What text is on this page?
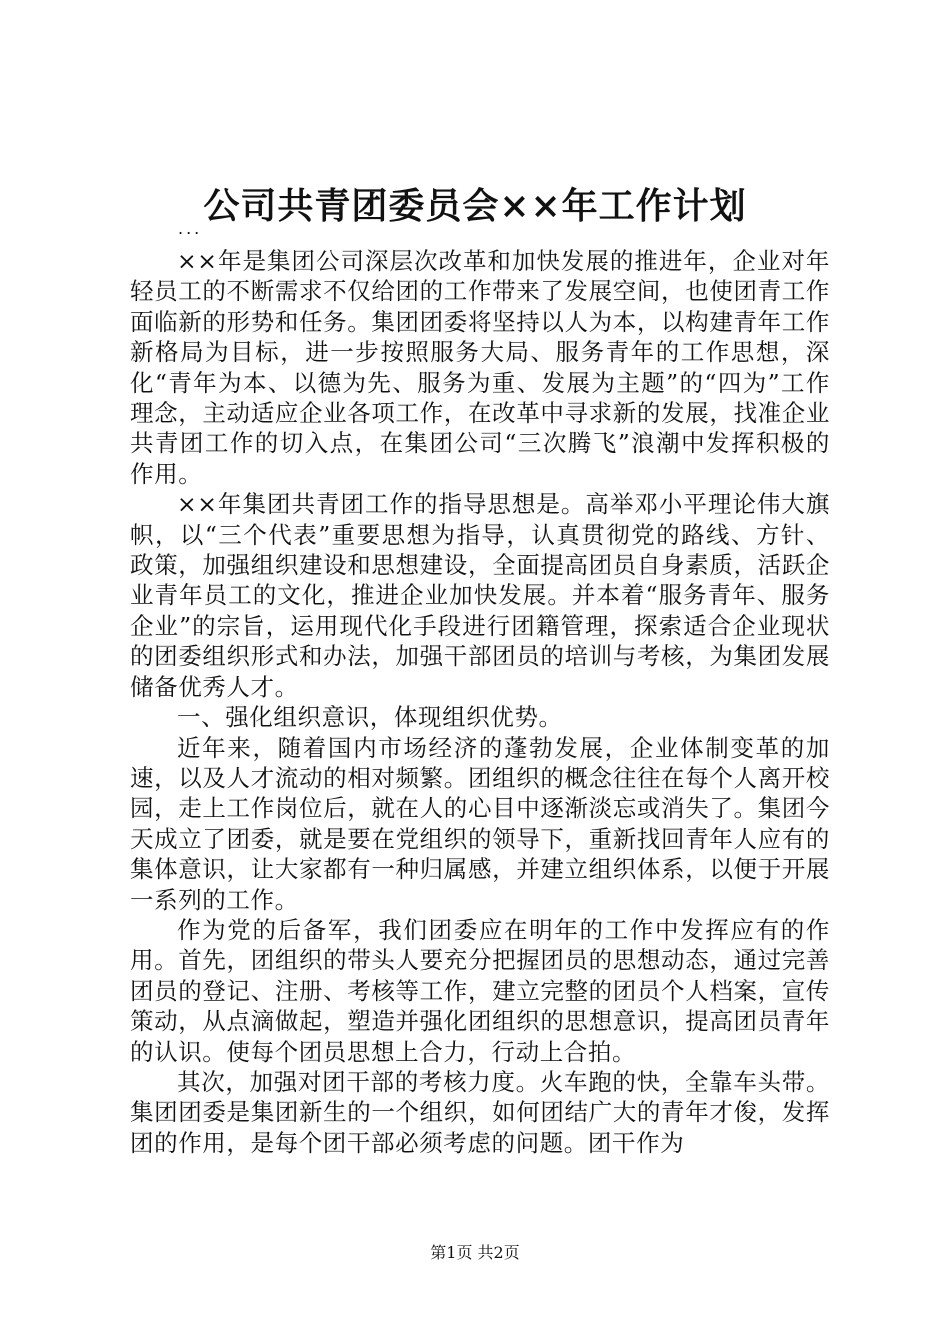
公司共青团委员会××年工作计划
...

××年是集团公司深层次改革和加快发展的推进年，企业对年轻员工的不断需求不仅给团的工作带来了发展空间，也使团青工作面临新的形势和任务。集团团委将坚持以人为本，以构建青年工作新格局为目标，进一步按照服务大局、服务青年的工作思想，深化“青年为本、以德为先、服务为重、发展为主题”的“四为”工作理念，主动适应企业各项工作，在改革中寻求新的发展，找准企业共青团工作的切入点，在集团公司“三次腾飞”浪潮中发挥积极的作用。

××年集团共青团工作的指导思想是。高举邓小平理论伟大旗帜，以“三个代表”重要思想为指导，认真贯彻党的路线、方针、政策，加强组织建设和思想建设，全面提高团员自身素质，活跃企业青年员工的文化，推进企业加快发展。并本着“服务青年、服务企业”的宗旨，运用现代化手段进行团籍管理，探索适合企业现状的团委组织形式和办法，加强干部团员的培训与考核，为集团发展储备优秀人才。

一、强化组织意识，体现组织优势。

近年来，随着国内市场经济的蓬勃发展，企业体制变革的加速，以及人才流动的相对频繁。团组织的概念往往在每个人离开校园，走上工作岗位后，就在人的心目中逐渐淡忘或消失了。集团今天成立了团委，就是要在党组织的领导下，重新找回青年人应有的集体意识，让大家都有一种归属感，并建立组织体系，以便于开展一系列的工作。

作为党的后备军，我们团委应在明年的工作中发挥应有的作用。首先，团组织的带头人要充分把握团员的思想动态，通过完善团员的登记、注册、考核等工作，建立完整的团员个人档案，宣传策动，从点滴做起，塑造并强化团组织的思想意识，提高团员青年的认识。使每个团员思想上合力，行动上合拍。

其次，加强对团干部的考核力度。火车跑的快，全靠车头带。集团团委是集团新生的一个组织，如何团结广大的青年才俊，发挥团的作用，是每个团干部必须考虑的问题。团干作为

第1页 共2页
